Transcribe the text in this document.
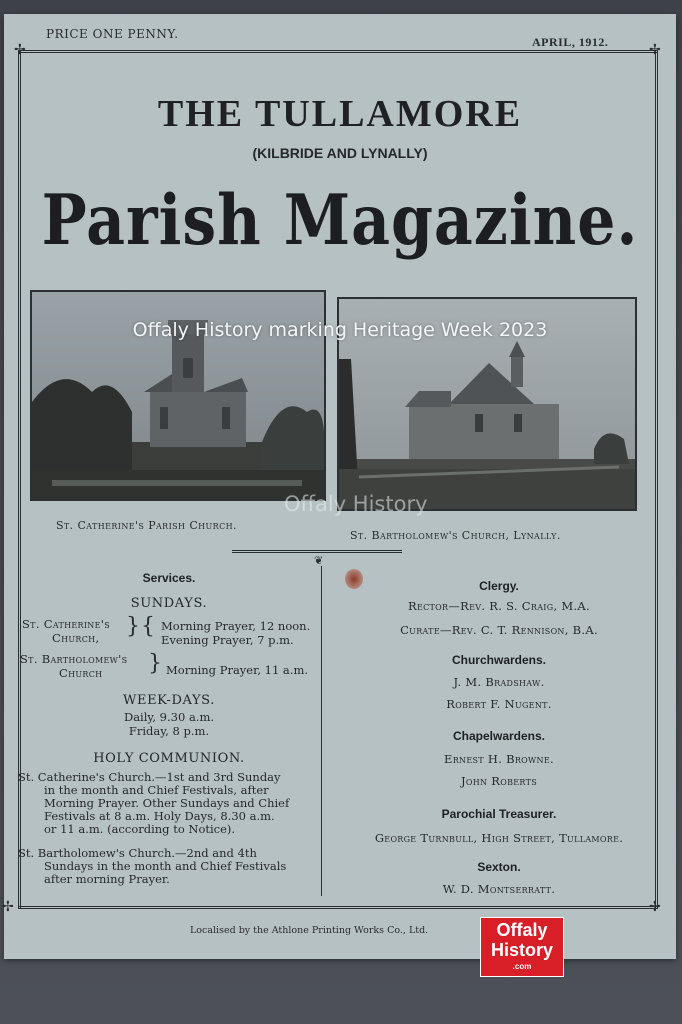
✢	✢
✢	✢
PRICE ONE PENNY.
APRIL, 1912.
THE TULLAMORE
(KILBRIDE AND LYNALLY)
Parish Magazine.
Offaly History marking Heritage Week 2023
Offaly History
St. Catherine's Parish Church.
St. Bartholomew's Church, Lynally.
❦
Services.
SUNDAYS.
St. Catherine's
Church, } Morning Prayer, 12 noon.
Evening Prayer, 7 p.m.
{
St. Bartholomew's
Church } Morning Prayer, 11 a.m.
WEEK-DAYS.
Daily, 9.30 a.m.
Friday, 8 p.m.
HOLY COMMUNION.
St. Catherine's Church.—1st and 3rd Sunday
in the month and Chief Festivals, after
Morning Prayer. Other Sundays and Chief
Festivals at 8 a.m. Holy Days, 8.30 a.m.
or 11 a.m. (according to Notice).
St. Bartholomew's Church.—2nd and 4th
Sundays in the month and Chief Festivals
after morning Prayer.
Clergy.
Rector—Rev. R. S. Craig, M.A.
Curate—Rev. C. T. Rennison, B.A.
Churchwardens.
J. M. Bradshaw.
Robert F. Nugent.
Chapelwardens.
Ernest H. Browne.
John Roberts
Parochial Treasurer.
George Turnbull, High Street, Tullamore.
Sexton.
W. D. Montserratt.
Localised by the Athlone Printing Works Co., Ltd.	Offaly
History
.com
